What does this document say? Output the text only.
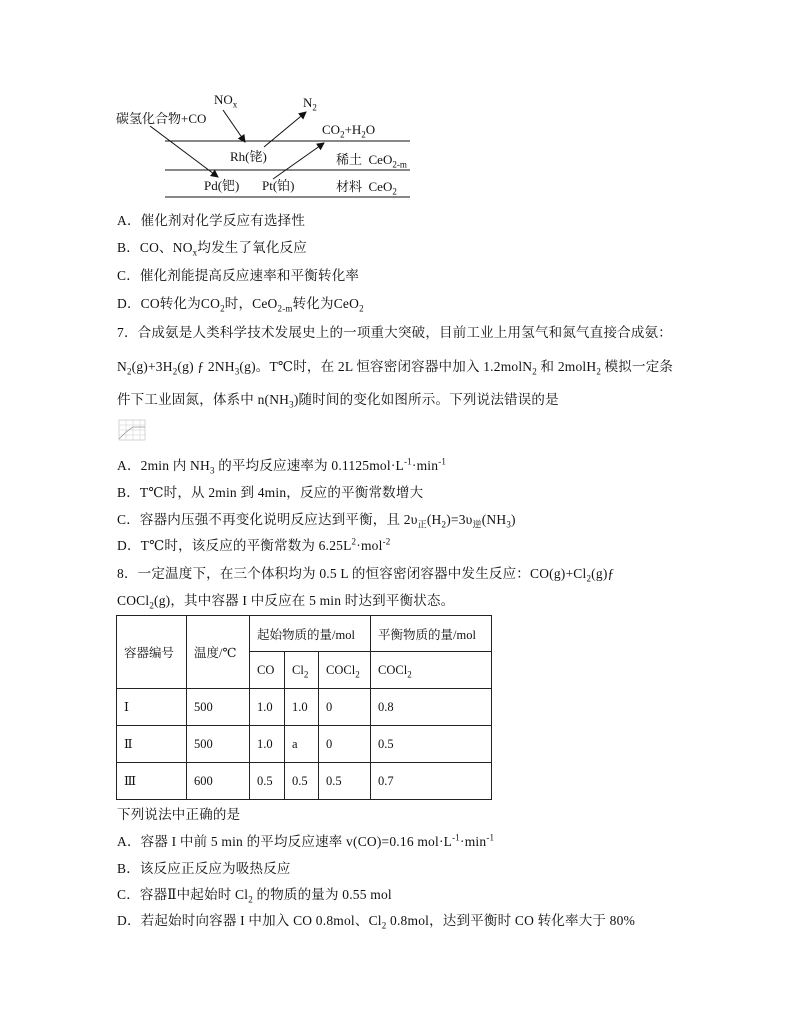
碳氢化合物+CO
$NO_x$	$N_2$
$CO_2+H_2O$
Rh(铑)	稀土 CeO$_{2-m}$
Pd(钯) Pt(铂)	材料 CeO$_2$
A．催化剂对化学反应有选择性
B．CO、$NO_x$均发生了氧化反应
C．催化剂能提高反应速率和平衡转化率
D．CO转化为$CO_2$时，CeO$_{2-m}$转化为CeO$_2$
7．合成氨是人类科学技术发展史上的一项重大突破，目前工业上用氢气和氮气直接合成氨：
$N_2(g)+3H_2(g)$ ƒ $2NH_3(g)$。T℃时，在 2L 恒容密闭容器中加入 1.2molN$_2$ 和 2molH$_2$ 模拟一定条
件下工业固氮，体系中 $n(NH_3)$随时间的变化如图所示。下列说法错误的是
A．2min 内 $NH_3$ 的平均反应速率为 $0.1125mol\cdot L^{-1}\cdot\min^{-1}$
B．T℃时，从 2min 到 4min，反应的平衡常数增大
C．容器内压强不再变化说明反应达到平衡，且 $2\upsilon_正(H_2)=3\upsilon_逆(NH_3)$
D．T℃时，该反应的平衡常数为 $6.25L^2\cdot mol^{-2}$
8．一定温度下，在三个体积均为 0.5 L 的恒容密闭容器中发生反应：$CO(g)+Cl_2(g)ƒ$
COCl$_2$(g)，其中容器 I 中反应在 5 min 时达到平衡状态。
容器编号	温度/℃	起始物质的量/mol			平衡物质的量/mol
		CO	$Cl_2$	COCl$_2$	COCl$_2$
Ⅰ	500	1.0	1.0	0	0.8
Ⅱ	500	1.0	a	0	0.5
Ⅲ	600	0.5	0.5	0.5	0.7
下列说法中正确的是
A．容器 I 中前 5 min 的平均反应速率 v(CO)=0.16 $mol\cdot L^{-1}\cdot\min^{-1}$
B．该反应正反应为吸热反应
C．容器Ⅱ中起始时 $Cl_2$ 的物质的量为 0.55 mol
D．若起始时向容器 I 中加入 CO 0.8mol、$Cl_2$ 0.8mol，达到平衡时 CO 转化率大于 80%
